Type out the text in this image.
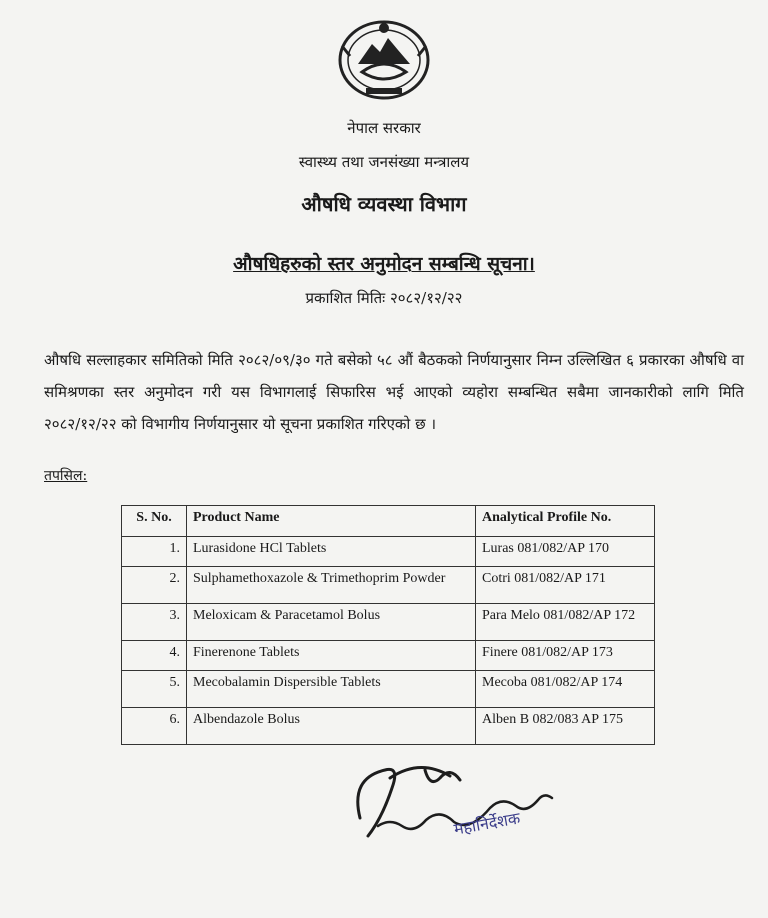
नेपाल सरकार
स्वास्थ्य तथा जनसंख्या मन्त्रालय
औषधि व्यवस्था विभाग
औषधिहरुको स्तर अनुमोदन सम्बन्धि सूचना।
प्रकाशित मितिः २०८२/१२/२२
औषधि सल्लाहकार समितिको मिति २०८२/०९/३० गते बसेको ५८ औं बैठकको निर्णयानुसार निम्न उल्लिखित ६ प्रकारका औषधि वा समिश्रणका स्तर अनुमोदन गरी यस विभागलाई सिफारिस भई आएको व्यहोरा सम्बन्धित सबैमा जानकारीको लागि मिति २०८२/१२/२२ को विभागीय निर्णयानुसार यो सूचना प्रकाशित गरिएको छ ।
तपसिल:
S. No.	Product Name	Analytical Profile No.
1.	Lurasidone HCl Tablets	Luras 081/082/AP 170
2.	Sulphamethoxazole & Trimethoprim Powder	Cotri 081/082/AP 171
3.	Meloxicam & Paracetamol Bolus	Para Melo 081/082/AP 172
4.	Finerenone Tablets	Finere 081/082/AP 173
5.	Mecobalamin Dispersible Tablets	Mecoba 081/082/AP 174
6.	Albendazole Bolus	Alben B 082/083 AP 175
महानिर्देशक
